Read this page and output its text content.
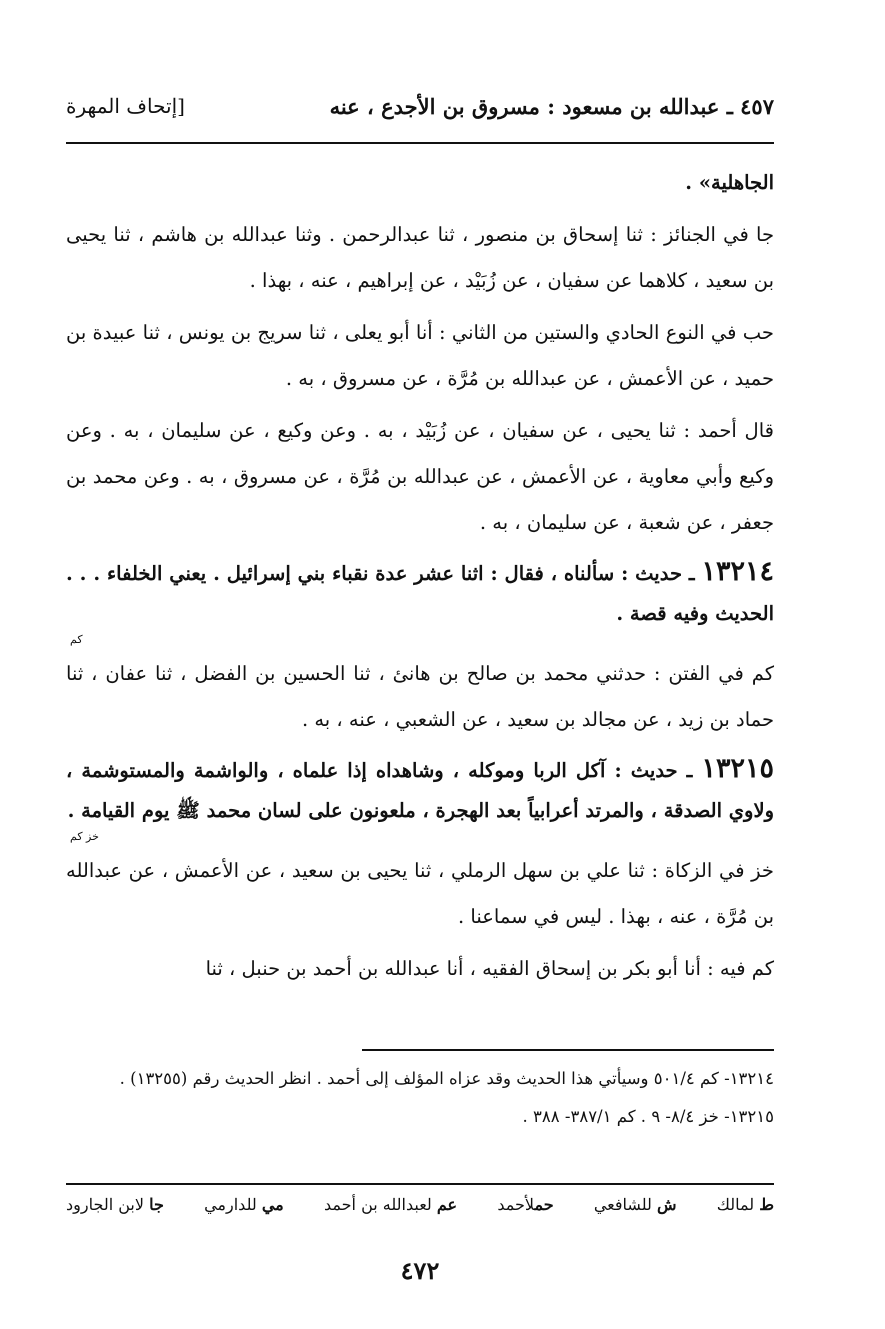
٤٥٧ ـ عبدالله بن مسعود : مسروق بن الأجدع ، عنه
[إتحاف المهرة

الجاهلية» .

جا في الجنائز : ثنا إسحاق بن منصور ، ثنا عبدالرحمن . وثنا عبدالله بن هاشم ، ثنا يحيى بن سعيد ، كلاهما عن سفيان ، عن زُبَيْد ، عن إبراهيم ، عنه ، بهذا .

حب في النوع الحادي والستين من الثاني : أنا أبو يعلى ، ثنا سريج بن يونس ، ثنا عبيدة بن حميد ، عن الأعمش ، عن عبدالله بن مُرَّة ، عن مسروق ، به .

قال أحمد : ثنا يحيى ، عن سفيان ، عن زُبَيْد ، به . وعن وكيع ، عن سليمان ، به . وعن وكيع وأبي معاوية ، عن الأعمش ، عن عبدالله بن مُرَّة ، عن مسروق ، به . وعن محمد بن جعفر ، عن شعبة ، عن سليمان ، به .

١٣٢١٤ ـ حديث : سألناه ، فقال : اثنا عشر عدة نقباء بني إسرائيل . يعني الخلفاء . . . الحديث وفيه قصة .

كم

كم في الفتن : حدثني محمد بن صالح بن هانئ ، ثنا الحسين بن الفضل ، ثنا عفان ، ثنا حماد بن زيد ، عن مجالد بن سعيد ، عن الشعبي ، عنه ، به .

١٣٢١٥ ـ حديث : آكل الربا وموكله ، وشاهداه إذا علماه ، والواشمة والمستوشمة ، ولاوي الصدقة ، والمرتد أعرابياً بعد الهجرة ، ملعونون على لسان محمد ﷺ يوم القيامة .

خز كم

خز في الزكاة : ثنا علي بن سهل الرملي ، ثنا يحيى بن سعيد ، عن الأعمش ، عن عبدالله بن مُرَّة ، عنه ، بهذا . ليس في سماعنا .

كم فيه : أنا أبو بكر بن إسحاق الفقيه ، أنا عبدالله بن أحمد بن حنبل ، ثنا

١٣٢١٤- كم ٥٠١/٤ وسيأتي هذا الحديث وقد عزاه المؤلف إلى أحمد . انظر الحديث رقم (١٣٢٥٥) .

١٣٢١٥- خز ٨/٤- ٩ . كم ٣٨٧/١- ٣٨٨ .

ط لمالك
ش للشافعي
حملأحمد
عم لعبدالله بن أحمد
مي للدارمي
جا لابن الجارود
٤٧٢
